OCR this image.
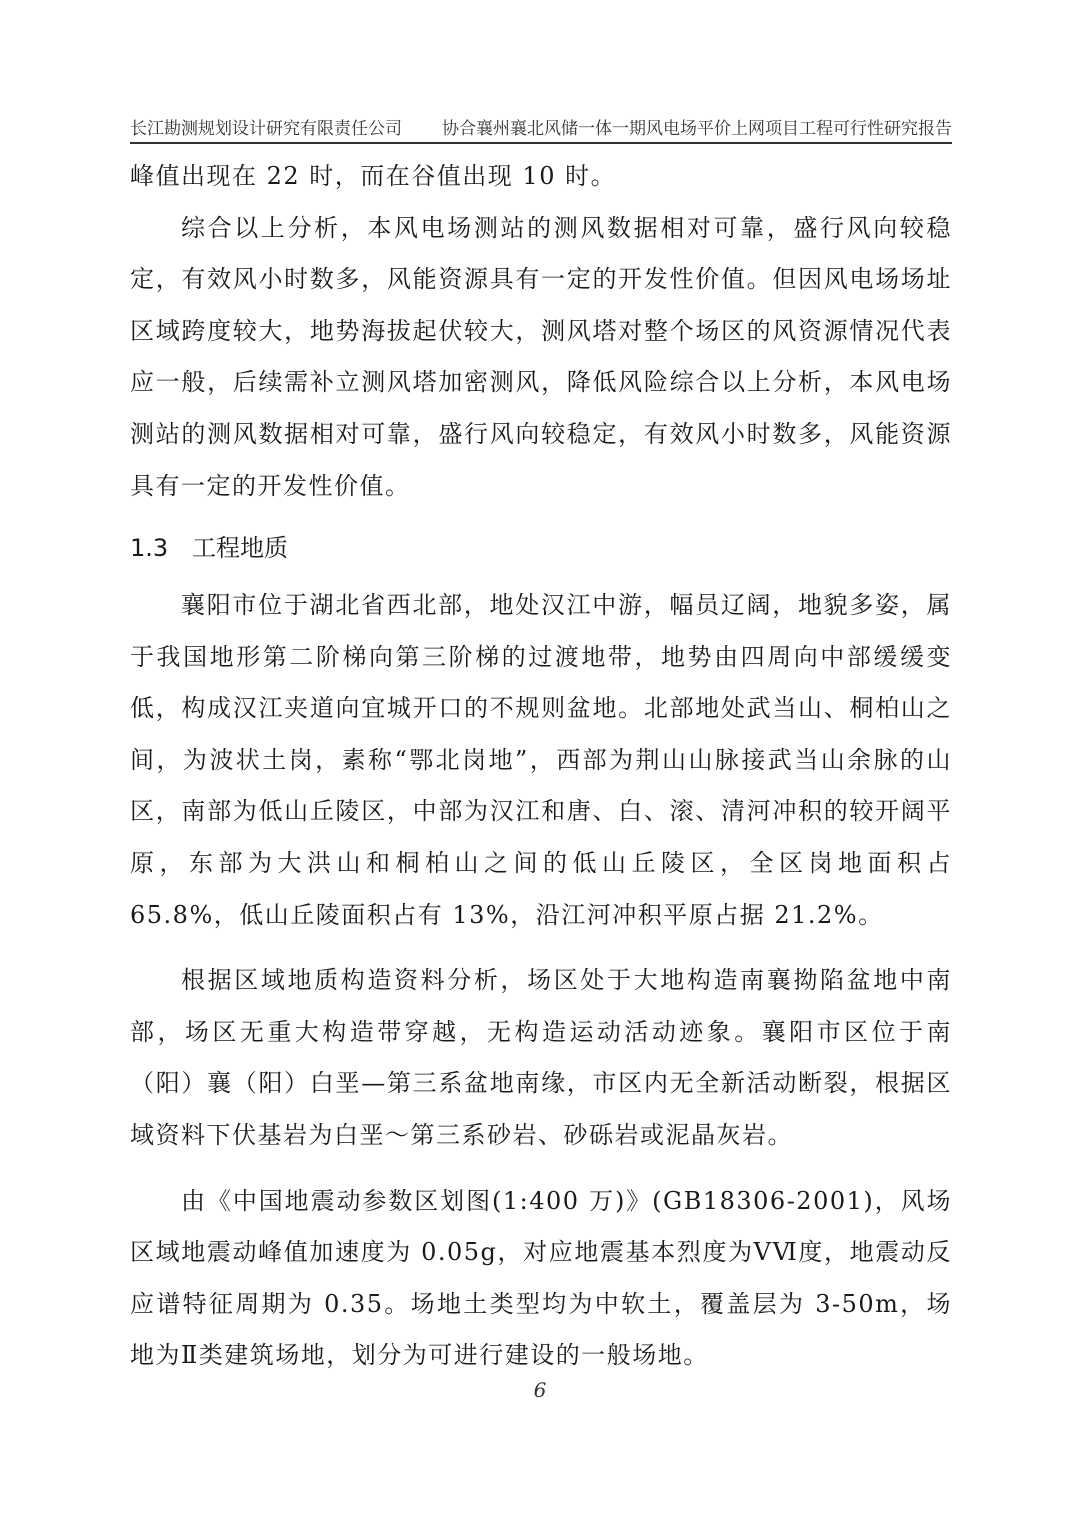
长江勘测规划设计研究有限责任公司 协合襄州襄北风储一体一期风电场平价上网项目工程可行性研究报告

峰值出现在 22 时，而在谷值出现 10 时。

综合以上分析，本风电场测站的测风数据相对可靠，盛行风向较稳定，有效风小时数多，风能资源具有一定的开发性价值。但因风电场场址区域跨度较大，地势海拔起伏较大，测风塔对整个场区的风资源情况代表应一般，后续需补立测风塔加密测风，降低风险综合以上分析，本风电场测站的测风数据相对可靠，盛行风向较稳定，有效风小时数多，风能资源具有一定的开发性价值。

1.3 工程地质

襄阳市位于湖北省西北部，地处汉江中游，幅员辽阔，地貌多姿，属于我国地形第二阶梯向第三阶梯的过渡地带，地势由四周向中部缓缓变低，构成汉江夹道向宜城开口的不规则盆地。北部地处武当山、桐柏山之间，为波状土岗，素称“鄂北岗地”，西部为荆山山脉接武当山余脉的山区，南部为低山丘陵区，中部为汉江和唐、白、滚、清河冲积的较开阔平原，东部为大洪山和桐柏山之间的低山丘陵区，全区岗地面积占 65.8%，低山丘陵面积占有 13%，沿江河冲积平原占据 21.2%。

根据区域地质构造资料分析，场区处于大地构造南襄拗陷盆地中南部，场区无重大构造带穿越，无构造运动活动迹象。襄阳市区位于南（阳）襄（阳）白垩—第三系盆地南缘，市区内无全新活动断裂，根据区域资料下伏基岩为白垩～第三系砂岩、砂砾岩或泥晶灰岩。

由《中国地震动参数区划图(1:400 万)》(GB18306-2001)，风场区域地震动峰值加速度为 0.05g，对应地震基本烈度为ⅤⅥ度，地震动反应谱特征周期为 0.35。场地土类型均为中软土，覆盖层为 3-50m，场地为Ⅱ类建筑场地，划分为可进行建设的一般场地。

6
